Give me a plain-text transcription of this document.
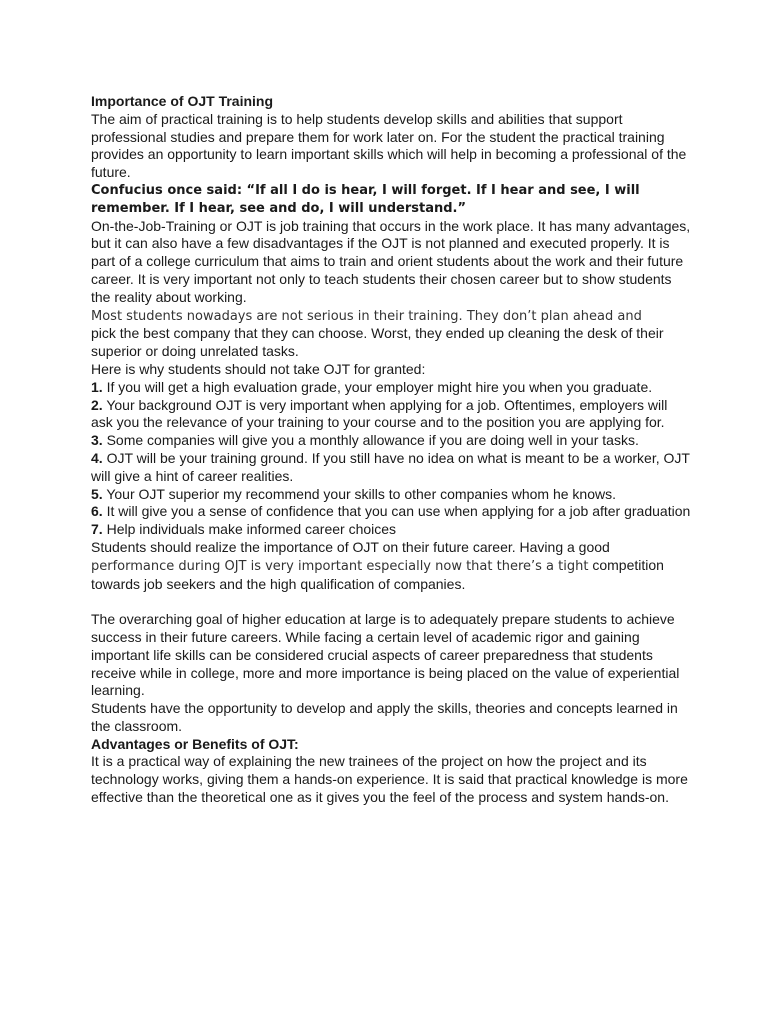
Importance of OJT Training

The aim of practical training is to help students develop skills and abilities that support professional studies and prepare them for work later on. For the student the practical training provides an opportunity to learn important skills which will help in becoming a professional of the future.

Confucius once said: “If all I do is hear, I will forget. If I hear and see, I will remember. If I hear, see and do, I will understand.”

On-the-Job-Training or OJT is job training that occurs in the work place. It has many advantages, but it can also have a few disadvantages if the OJT is not planned and executed properly. It is part of a college curriculum that aims to train and orient students about the work and their future career. It is very important not only to teach students their chosen career but to show students the reality about working.

Most students nowadays are not serious in their training. They don’t plan ahead and
pick the best company that they can choose. Worst, they ended up cleaning the desk of their superior or doing unrelated tasks.

Here is why students should not take OJT for granted:

1. If you will get a high evaluation grade, your employer might hire you when you graduate.

2. Your background OJT is very important when applying for a job. Oftentimes, employers will ask you the relevance of your training to your course and to the position you are applying for.

3. Some companies will give you a monthly allowance if you are doing well in your tasks.

4. OJT will be your training ground. If you still have no idea on what is meant to be a worker, OJT will give a hint of career realities.

5. Your OJT superior my recommend your skills to other companies whom he knows.

6. It will give you a sense of confidence that you can use when applying for a job after graduation

7. Help individuals make informed career choices

Students should realize the importance of OJT on their future career. Having a good
performance during OJT is very important especially now that there’s a tight competition
towards job seekers and the high qualification of companies.

The overarching goal of higher education at large is to adequately prepare students to achieve success in their future careers. While facing a certain level of academic rigor and gaining important life skills can be considered crucial aspects of career preparedness that students receive while in college, more and more importance is being placed on the value of experiential learning.

Students have the opportunity to develop and apply the skills, theories and concepts learned in the classroom.

Advantages or Benefits of OJT:

It is a practical way of explaining the new trainees of the project on how the project and its technology works, giving them a hands-on experience. It is said that practical knowledge is more effective than the theoretical one as it gives you the feel of the process and system hands-on.
